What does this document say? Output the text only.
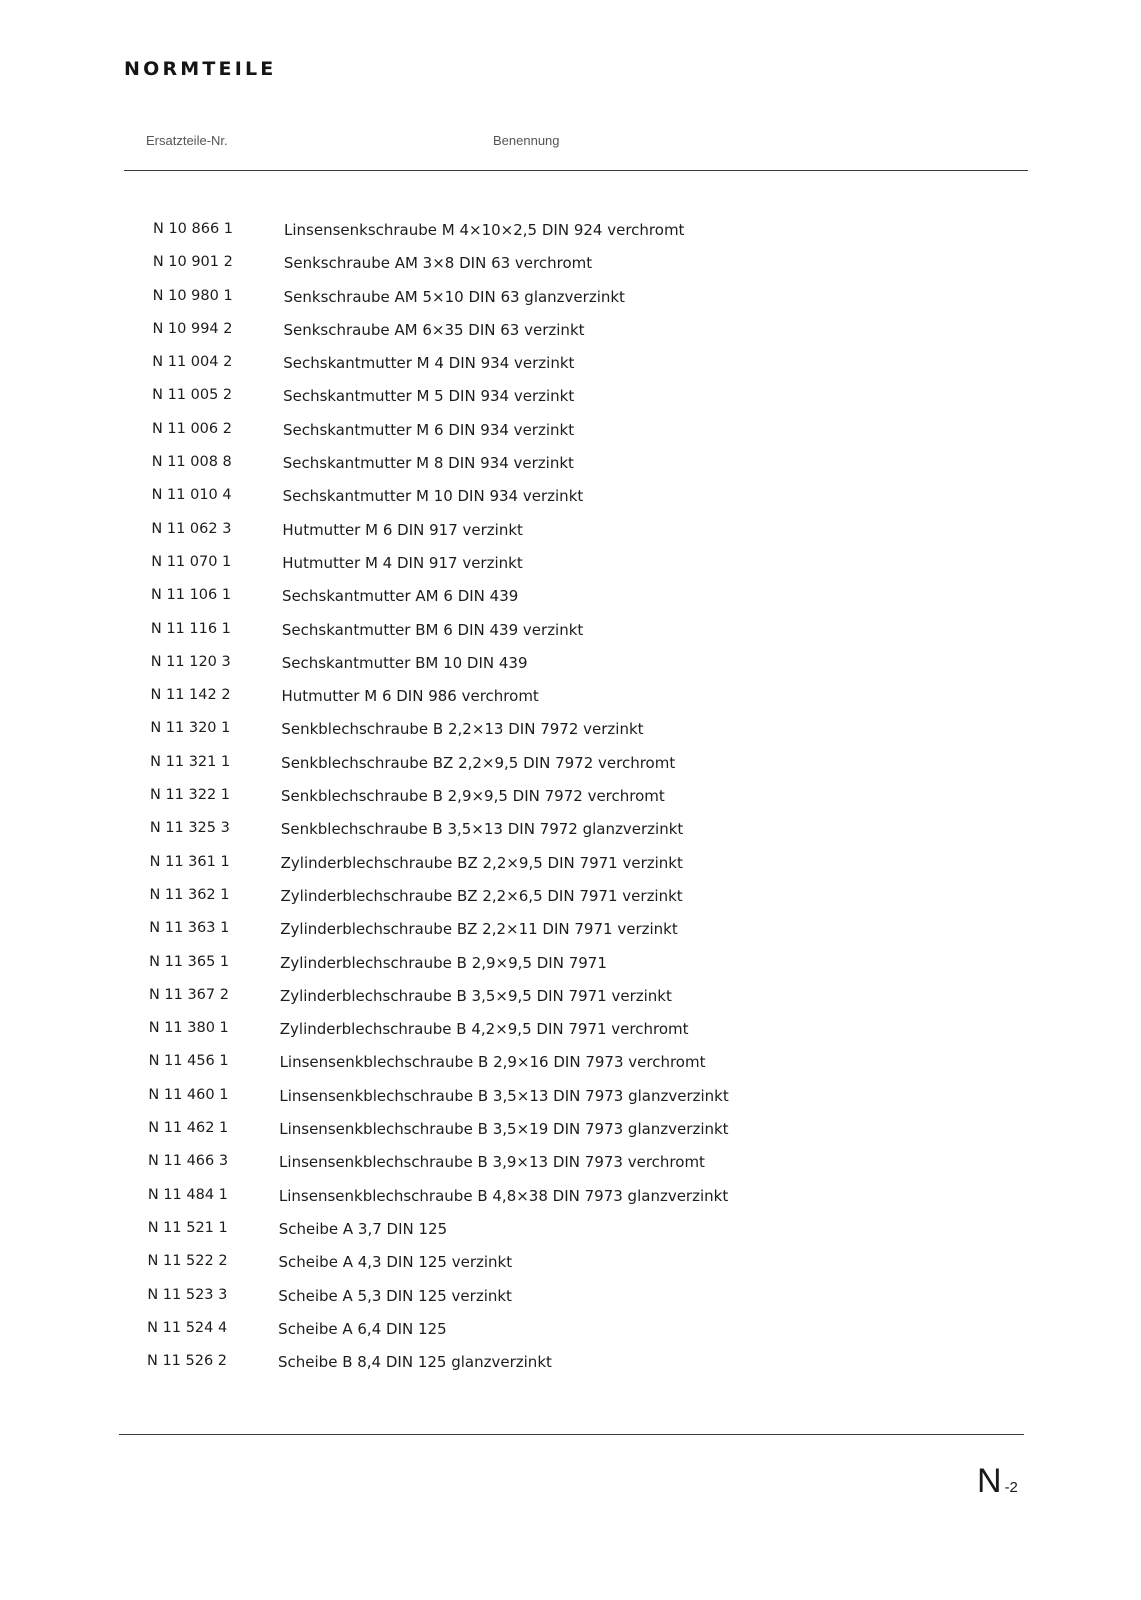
NORMTEILE
Ersatzteile-Nr.	Benennung
N 10 866 1	Linsensenkschraube M 4×10×2,5 DIN 924 verchromt
N 10 901 2	Senkschraube AM 3×8 DIN 63 verchromt
N 10 980 1	Senkschraube AM 5×10 DIN 63 glanzverzinkt
N 10 994 2	Senkschraube AM 6×35 DIN 63 verzinkt
N 11 004 2	Sechskantmutter M 4 DIN 934 verzinkt
N 11 005 2	Sechskantmutter M 5 DIN 934 verzinkt
N 11 006 2	Sechskantmutter M 6 DIN 934 verzinkt
N 11 008 8	Sechskantmutter M 8 DIN 934 verzinkt
N 11 010 4	Sechskantmutter M 10 DIN 934 verzinkt
N 11 062 3	Hutmutter M 6 DIN 917 verzinkt
N 11 070 1	Hutmutter M 4 DIN 917 verzinkt
N 11 106 1	Sechskantmutter AM 6 DIN 439
N 11 116 1	Sechskantmutter BM 6 DIN 439 verzinkt
N 11 120 3	Sechskantmutter BM 10 DIN 439
N 11 142 2	Hutmutter M 6 DIN 986 verchromt
N 11 320 1	Senkblechschraube B 2,2×13 DIN 7972 verzinkt
N 11 321 1	Senkblechschraube BZ 2,2×9,5 DIN 7972 verchromt
N 11 322 1	Senkblechschraube B 2,9×9,5 DIN 7972 verchromt
N 11 325 3	Senkblechschraube B 3,5×13 DIN 7972 glanzverzinkt
N 11 361 1	Zylinderblechschraube BZ 2,2×9,5 DIN 7971 verzinkt
N 11 362 1	Zylinderblechschraube BZ 2,2×6,5 DIN 7971 verzinkt
N 11 363 1	Zylinderblechschraube BZ 2,2×11 DIN 7971 verzinkt
N 11 365 1	Zylinderblechschraube B 2,9×9,5 DIN 7971
N 11 367 2	Zylinderblechschraube B 3,5×9,5 DIN 7971 verzinkt
N 11 380 1	Zylinderblechschraube B 4,2×9,5 DIN 7971 verchromt
N 11 456 1	Linsensenkblechschraube B 2,9×16 DIN 7973 verchromt
N 11 460 1	Linsensenkblechschraube B 3,5×13 DIN 7973 glanzverzinkt
N 11 462 1	Linsensenkblechschraube B 3,5×19 DIN 7973 glanzverzinkt
N 11 466 3	Linsensenkblechschraube B 3,9×13 DIN 7973 verchromt
N 11 484 1	Linsensenkblechschraube B 4,8×38 DIN 7973 glanzverzinkt
N 11 521 1	Scheibe A 3,7 DIN 125
N 11 522 2	Scheibe A 4,3 DIN 125 verzinkt
N 11 523 3	Scheibe A 5,3 DIN 125 verzinkt
N 11 524 4	Scheibe A 6,4 DIN 125
N 11 526 2	Scheibe B 8,4 DIN 125 glanzverzinkt
N -2
